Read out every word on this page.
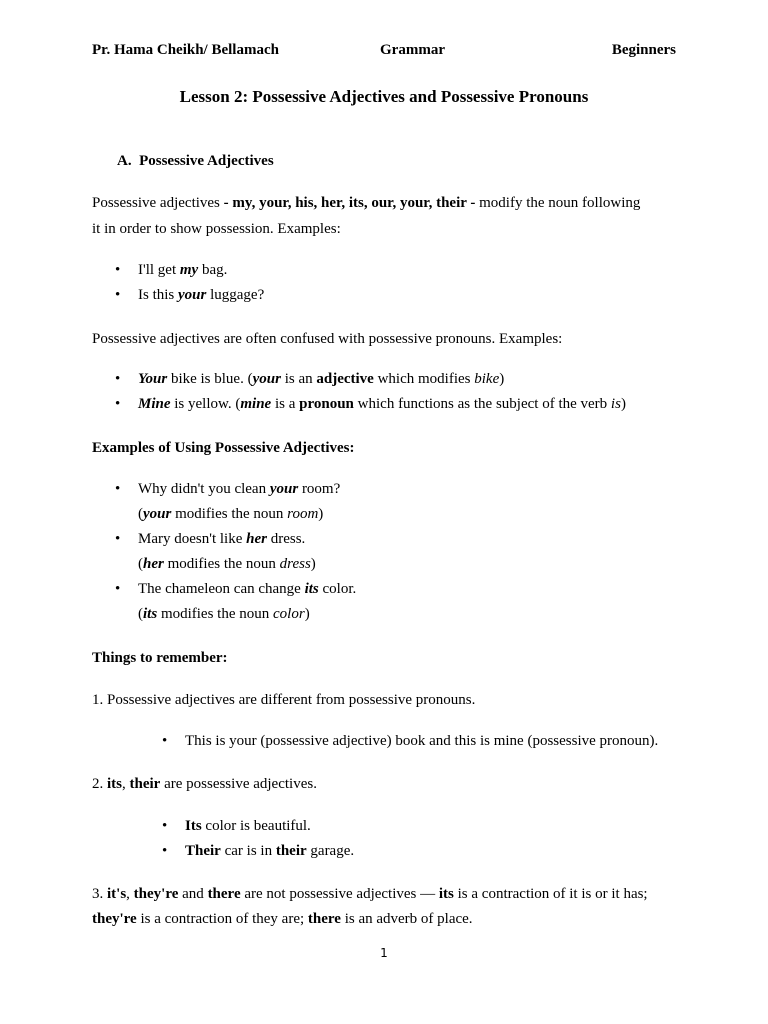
Pr. Hama Cheikh/ Bellamach	Grammar	Beginners
Lesson 2: Possessive Adjectives and Possessive Pronouns
A. Possessive Adjectives
Possessive adjectives - my, your, his, her, its, our, your, their - modify the noun following
it in order to show possession. Examples:
• I'll get my bag.
• Is this your luggage?
Possessive adjectives are often confused with possessive pronouns. Examples:
• Your bike is blue. (your is an adjective which modifies bike)
• Mine is yellow. (mine is a pronoun which functions as the subject of the verb is)
Examples of Using Possessive Adjectives:
• Why didn't you clean your room?
(your modifies the noun room)
• Mary doesn't like her dress.
(her modifies the noun dress)
• The chameleon can change its color.
(its modifies the noun color)
Things to remember:
1. Possessive adjectives are different from possessive pronouns.
• This is your (possessive adjective) book and this is mine (possessive pronoun).
2. its, their are possessive adjectives.
• Its color is beautiful.
• Their car is in their garage.
3. it's, they're and there are not possessive adjectives — its is a contraction of it is or it has;
they're is a contraction of they are; there is an adverb of place.
1
